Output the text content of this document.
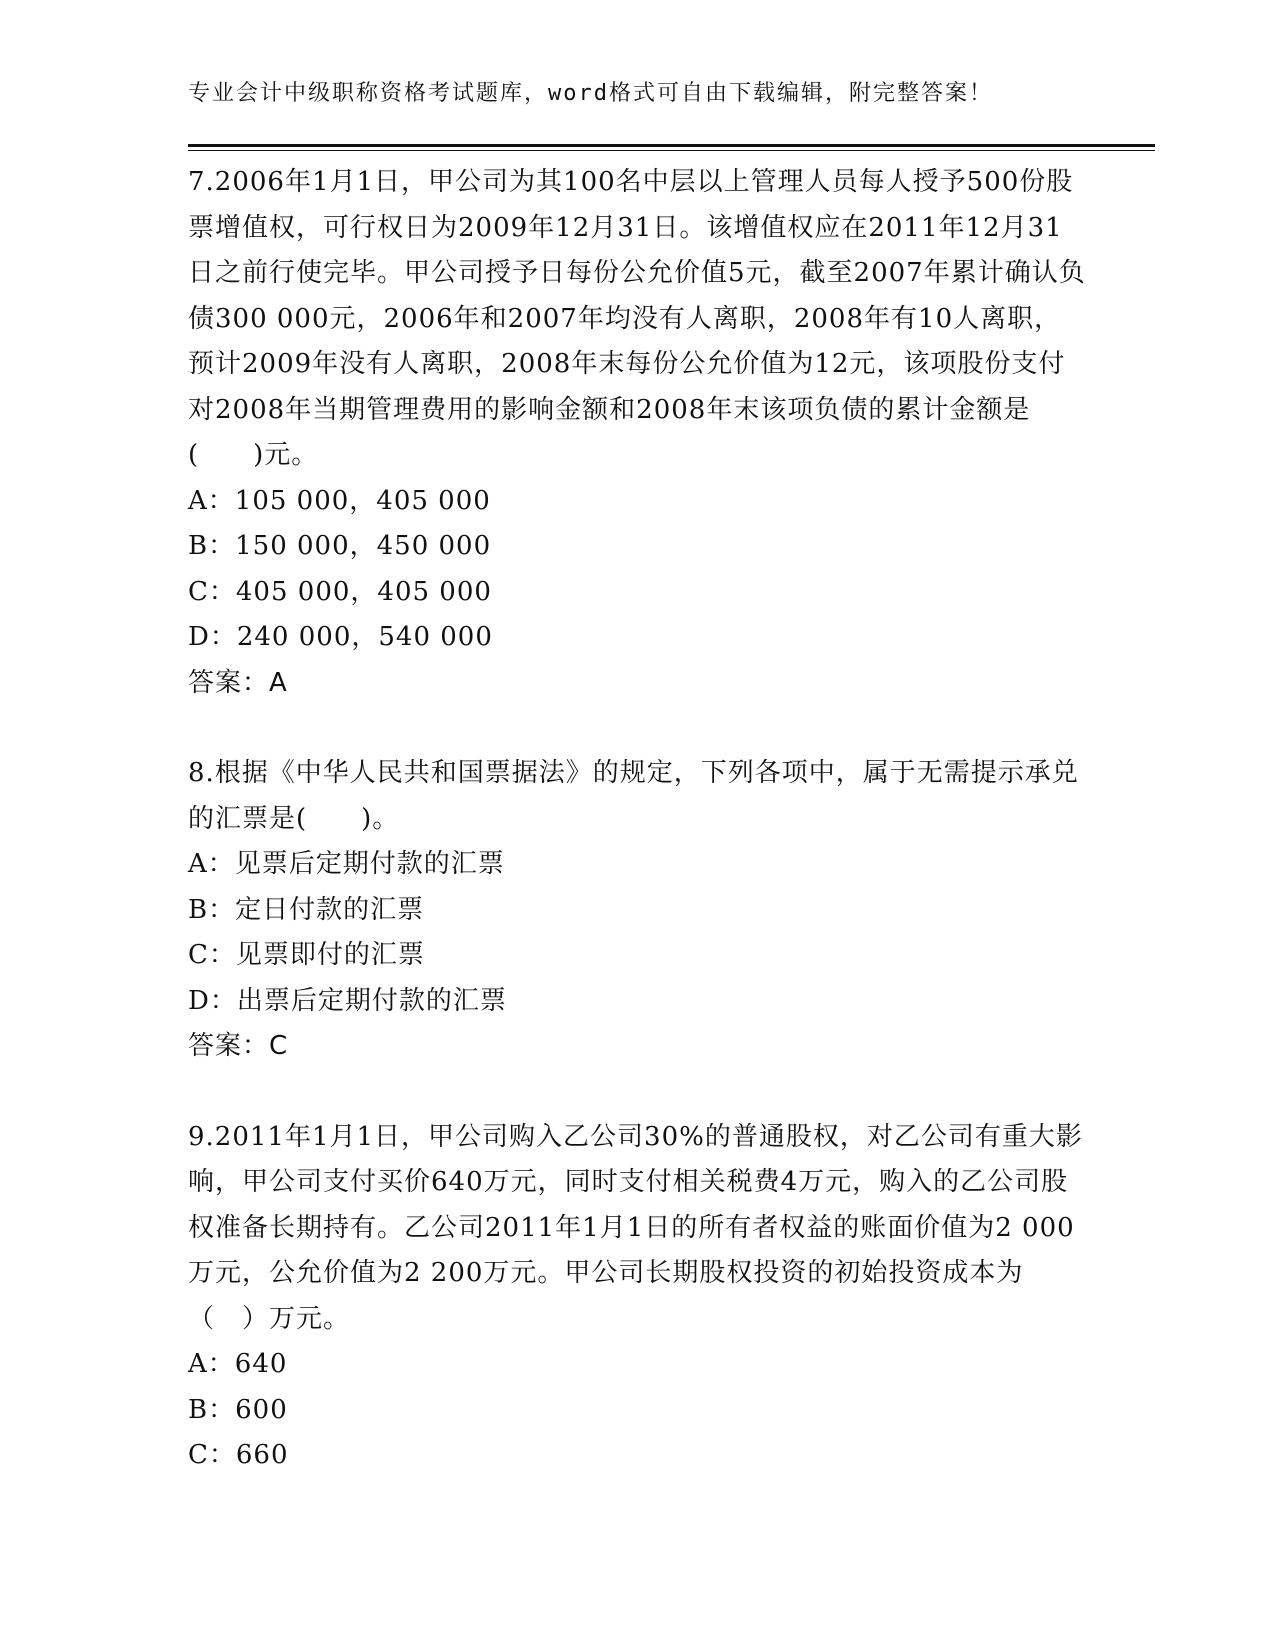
专业会计中级职称资格考试题库，word格式可自由下载编辑，附完整答案！

7.2006年1月1日，甲公司为其100名中层以上管理人员每人授予500份股票增值权，可行权日为2009年12月31日。该增值权应在2011年12月31日之前行使完毕。甲公司授予日每份公允价值5元，截至2007年累计确认负债300 000元，2006年和2007年均没有人离职，2008年有10人离职，预计2009年没有人离职，2008年末每份公允价值为12元，该项股份支付对2008年当期管理费用的影响金额和2008年末该项负债的累计金额是(　　)元。

A：105 000，405 000

B：150 000，450 000

C：405 000，405 000

D：240 000，540 000

答案：A

8.根据《中华人民共和国票据法》的规定，下列各项中，属于无需提示承兑的汇票是(　　)。

A：见票后定期付款的汇票

B：定日付款的汇票

C：见票即付的汇票

D：出票后定期付款的汇票

答案：C

9.2011年1月1日，甲公司购入乙公司30%的普通股权，对乙公司有重大影响，甲公司支付买价640万元，同时支付相关税费4万元，购入的乙公司股权准备长期持有。乙公司2011年1月1日的所有者权益的账面价值为2 000万元，公允价值为2 200万元。甲公司长期股权投资的初始投资成本为（　）万元。

A：640

B：600

C：660
